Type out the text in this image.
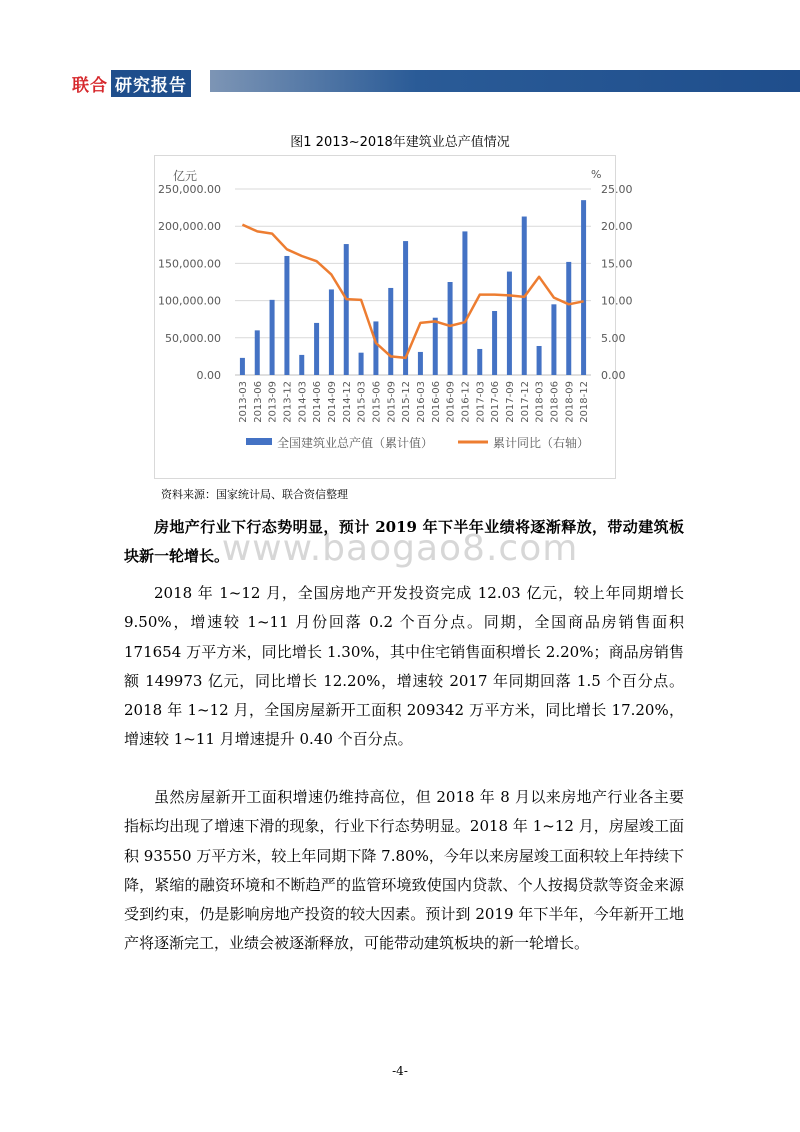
联合 研究报告
图1 2013~2018年建筑业总产值情况
0.00	0.00
50,000.00	5.00
100,000.00	10.00
150,000.00	15.00
200,000.00	20.00
250,000.00	25.00
亿元	%
2013-03 2013-06 2013-09 2013-12 2014-03 2014-06 2014-09 2014-12 2015-03 2015-06 2015-09 2015-12 2016-03 2016-06 2016-09 2016-12 2017-03 2017-06 2017-09 2017-12 2018-03 2018-06 2018-09 2018-12
全国建筑业总产值（累计值）	累计同比（右轴）
资料来源：国家统计局、联合资信整理
www.baogao8.com
房地产行业下行态势明显，预计 2019 年下半年业绩将逐渐释放，带动建筑板块新一轮增长。
2018 年 1~12 月，全国房地产开发投资完成 12.03 亿元，较上年同期增长 9.50%，增速较 1~11 月份回落 0.2 个百分点。同期，全国商品房销售面积 171654 万平方米，同比增长 1.30%，其中住宅销售面积增长 2.20%；商品房销售额 149973 亿元，同比增长 12.20%，增速较 2017 年同期回落 1.5 个百分点。2018 年 1~12 月，全国房屋新开工面积 209342 万平方米，同比增长 17.20%，增速较 1~11 月增速提升 0.40 个百分点。
虽然房屋新开工面积增速仍维持高位，但 2018 年 8 月以来房地产行业各主要指标均出现了增速下滑的现象，行业下行态势明显。2018 年 1~12 月，房屋竣工面积 93550 万平方米，较上年同期下降 7.80%，今年以来房屋竣工面积较上年持续下降，紧缩的融资环境和不断趋严的监管环境致使国内贷款、个人按揭贷款等资金来源受到约束，仍是影响房地产投资的较大因素。预计到 2019 年下半年，今年新开工地产将逐渐完工，业绩会被逐渐释放，可能带动建筑板块的新一轮增长。
-4-
